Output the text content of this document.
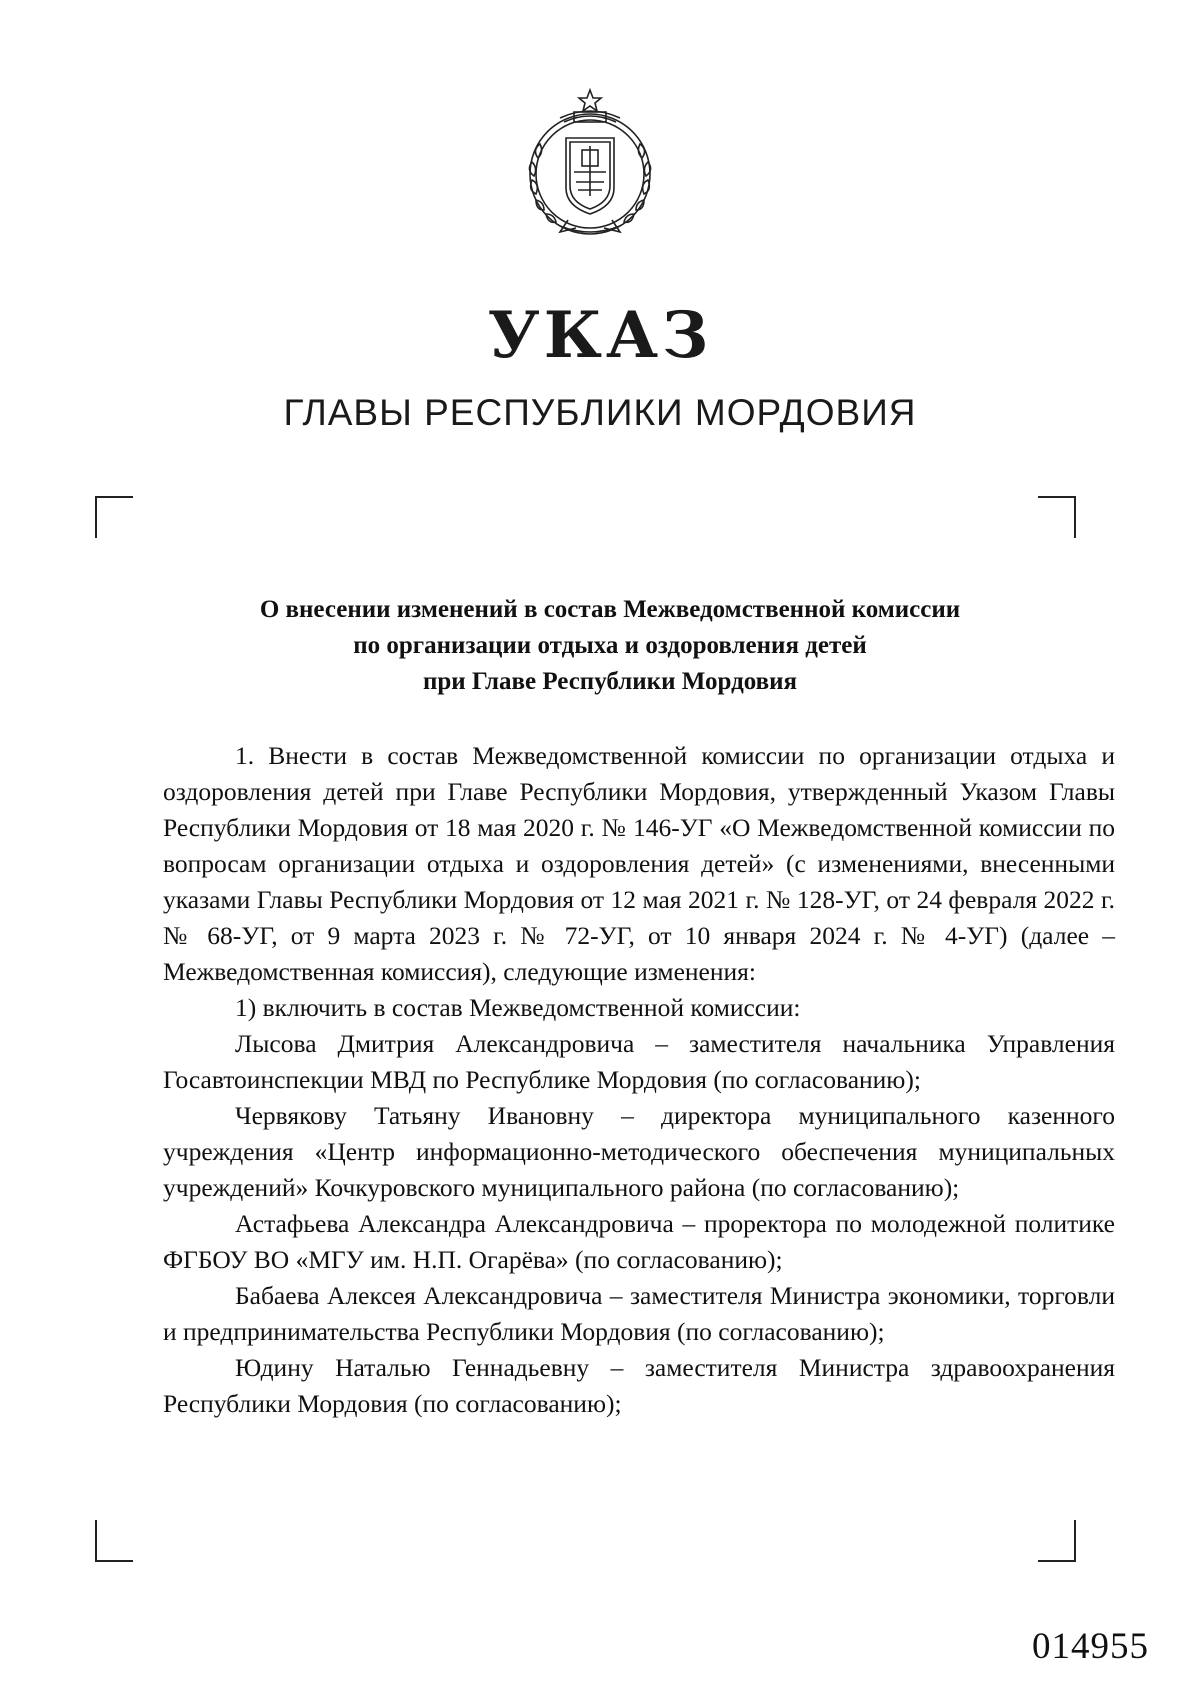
УКАЗ
ГЛАВЫ РЕСПУБЛИКИ МОРДОВИЯ
О внесении изменений в состав Межведомственной комиссии
по организации отдыха и оздоровления детей
при Главе Республики Мордовия

1. Внести в состав Межведомственной комиссии по организации отдыха и оздоровления детей при Главе Республики Мордовия, утвержденный Указом Главы Республики Мордовия от 18 мая 2020 г. № 146-УГ «О Межведомственной комиссии по вопросам организации отдыха и оздоровления детей» (с изменениями, внесенными указами Главы Республики Мордовия от 12 мая 2021 г. № 128-УГ, от 24 февраля 2022 г. № 68-УГ, от 9 марта 2023 г. № 72-УГ, от 10 января 2024 г. № 4-УГ) (далее – Межведомственная комиссия), следующие изменения:

1) включить в состав Межведомственной комиссии:

Лысова Дмитрия Александровича – заместителя начальника Управления Госавтоинспекции МВД по Республике Мордовия (по согласованию);

Червякову Татьяну Ивановну – директора муниципального казенного учреждения «Центр информационно-методического обеспечения муниципальных учреждений» Кочкуровского муниципального района (по согласованию);

Астафьева Александра Александровича – проректора по молодежной политике ФГБОУ ВО «МГУ им. Н.П. Огарёва» (по согласованию);

Бабаева Алексея Александровича – заместителя Министра экономики, торговли и предпринимательства Республики Мордовия (по согласованию);

Юдину Наталью Геннадьевну – заместителя Министра здравоохранения Республики Мордовия (по согласованию);

014955
